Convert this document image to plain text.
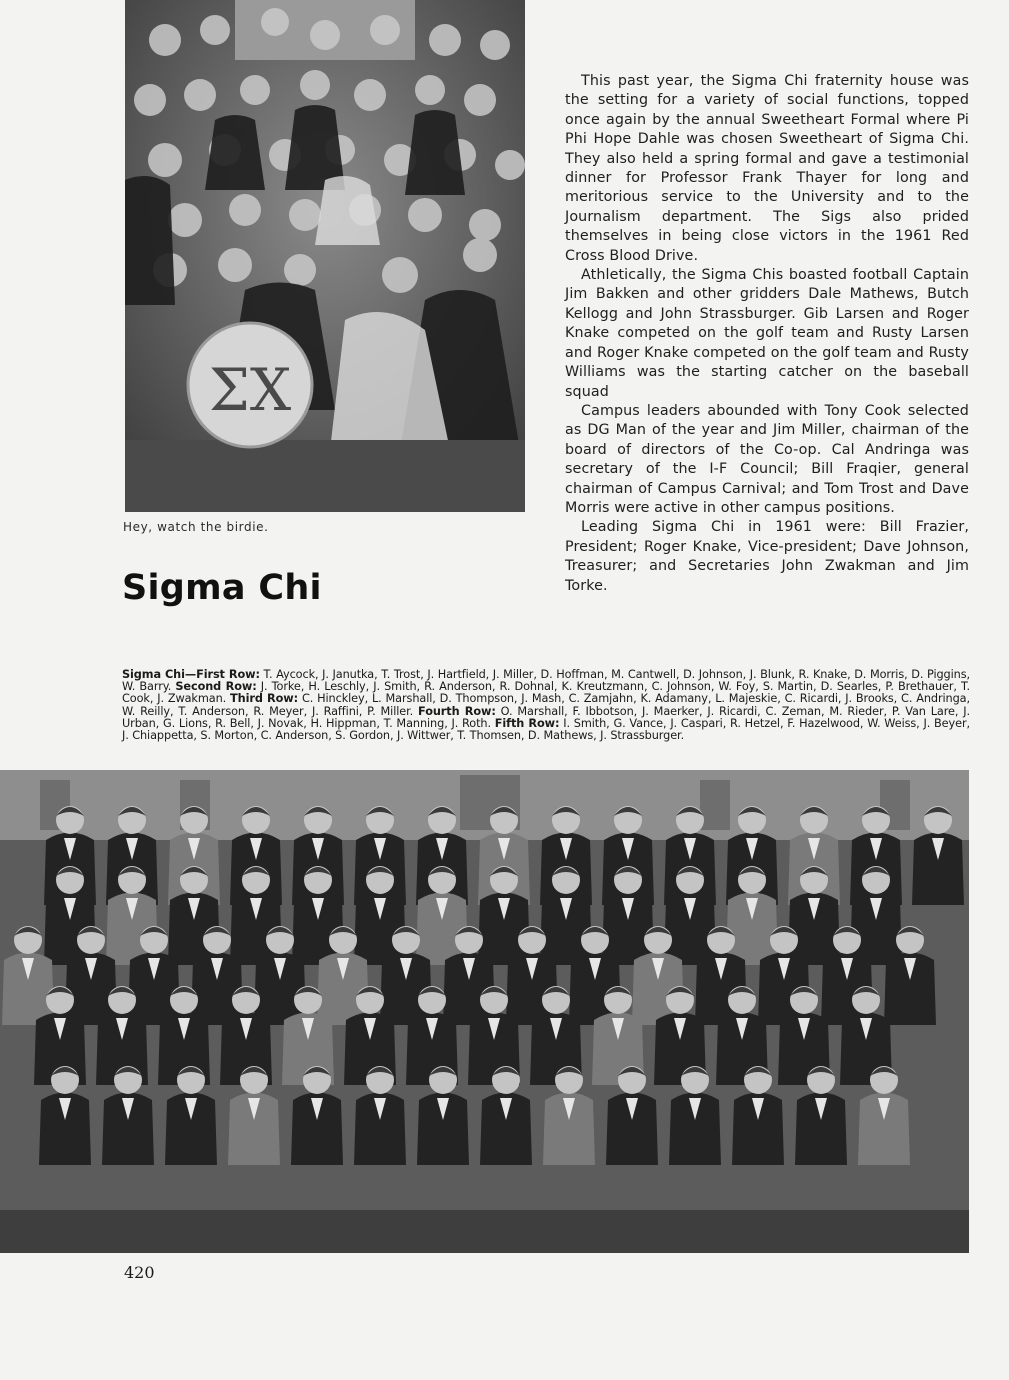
ΣΧ
Hey, watch the birdie.

This past year, the Sigma Chi fraternity house was the setting for a variety of social functions, topped once again by the annual Sweetheart Formal where Pi Phi Hope Dahle was chosen Sweetheart of Sigma Chi. They also held a spring formal and gave a testimonial dinner for Professor Frank Thayer for long and meritorious service to the University and to the Journalism department. The Sigs also prided themselves in being close victors in the 1961 Red Cross Blood Drive.

Athletically, the Sigma Chis boasted football Captain Jim Bakken and other gridders Dale Mathews, Butch Kellogg and John Strassburger. Gib Larsen and Roger Knake competed on the golf team and Rusty Larsen and Roger Knake competed on the golf team and Rusty Williams was the starting catcher on the baseball squad

Campus leaders abounded with Tony Cook selected as DG Man of the year and Jim Miller, chairman of the board of directors of the Co-op. Cal Andringa was secretary of the I-F Council; Bill Fraqier, general chairman of Campus Carnival; and Tom Trost and Dave Morris were active in other campus positions.

Leading Sigma Chi in 1961 were: Bill Frazier, President; Roger Knake, Vice-president; Dave Johnson, Treasurer; and Secretaries John Zwakman and Jim Torke.

Sigma Chi
Sigma Chi—First Row: T. Aycock, J. Janutka, T. Trost, J. Hartfield, J. Miller, D. Hoffman, M. Cantwell, D. Johnson, J. Blunk, R. Knake, D. Morris, D. Piggins, W. Barry. Second Row: J. Torke, H. Leschly, J. Smith, R. Anderson, R. Dohnal, K. Kreutzmann, C. Johnson, W. Foy, S. Martin, D. Searles, P. Brethauer, T. Cook, J. Zwakman. Third Row: C. Hinckley, L. Marshall, D. Thompson, J. Mash, C. Zamjahn, K. Adamany, L. Majeskie, C. Ricardi, J. Brooks, C. Andringa, W. Reilly, T. Anderson, R. Meyer, J. Raffini, P. Miller. Fourth Row: O. Marshall, F. Ibbotson, J. Maerker, J. Ricardi, C. Zeman, M. Rieder, P. Van Lare, J. Urban, G. Lions, R. Bell, J. Novak, H. Hippman, T. Manning, J. Roth. Fifth Row: I. Smith, G. Vance, J. Caspari, R. Hetzel, F. Hazelwood, W. Weiss, J. Beyer, J. Chiappetta, S. Morton, C. Anderson, S. Gordon, J. Wittwer, T. Thomsen, D. Mathews, J. Strassburger.
420
